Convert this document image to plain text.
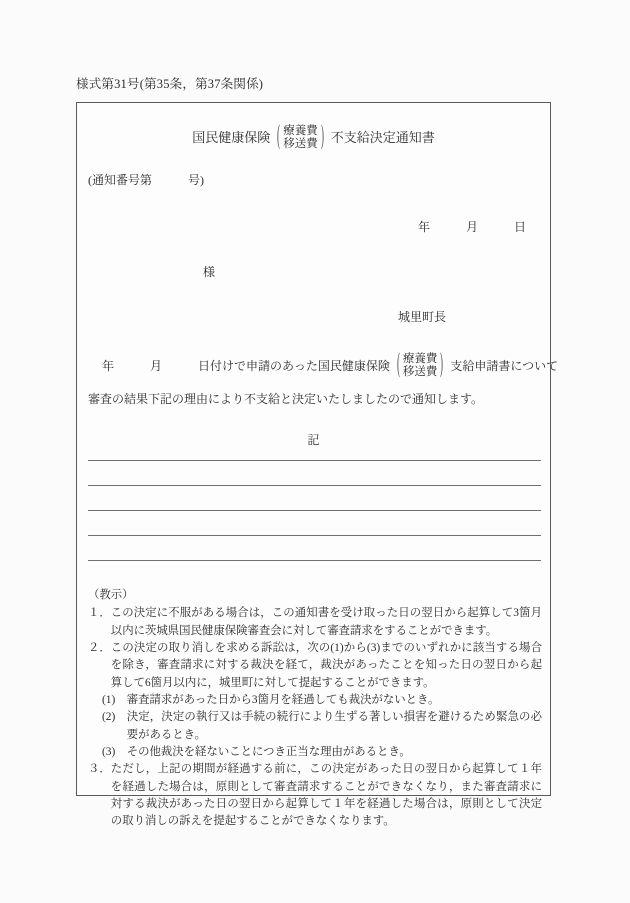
様式第31号(第35条，第37条関係)
国民健康保険 ( 療養費
移送費 ) 不支給決定通知書
(通知番号第　　　号)
年　　　月　　　日
様
城里町長
年　　　月　　　日付けで申請のあった国民健康保険 ( 療養費
移送費 ) 支給申請書について
審査の結果下記の理由により不支給と決定いたしましたので通知します。
記
（教示）
１． この決定に不服がある場合は，この通知書を受け取った日の翌日から起算して3箇月以内に茨城県国民健康保険審査会に対して審査請求をすることができます。
２． この決定の取り消しを求める訴訟は，次の(1)から(3)までのいずれかに該当する場合を除き，審査請求に対する裁決を経て，裁決があったことを知った日の翌日から起算して6箇月以内に，城里町に対して提起することができます。
(1)　 審査請求があった日から3箇月を経過しても裁決がないとき。
(2)　 決定，決定の執行又は手続の続行により生ずる著しい損害を避けるため緊急の必要があるとき。
(3)　 その他裁決を経ないことにつき正当な理由があるとき。
３． ただし，上記の期間が経過する前に，この決定があった日の翌日から起算して１年を経過した場合は，原則として審査請求することができなくなり，また審査請求に対する裁決があった日の翌日から起算して１年を経過した場合は，原則として決定の取り消しの訴えを提起することができなくなります。
